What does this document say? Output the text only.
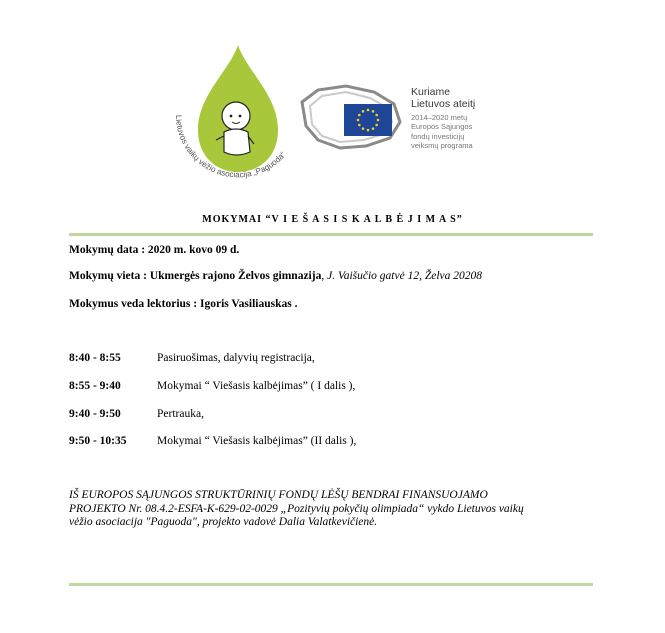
Lietuvos vaikų vėžio asociacija „Paguoda“
Kuriame
Lietuvos ateitį
2014–2020 metų
Europos Sąjungos
fondų investicijų
veiksmų programa
MOKYMAI “V I E Š A S I S K A L B Ė J I M A S”
Mokymų data : 2020 m. kovo 09 d.
Mokymų vieta : Ukmergės rajono Želvos gimnazija, J. Vaišučio gatvė 12, Želva 20208
Mokymus veda lektorius : Igoris Vasiliauskas .
8:40 - 8:55	Pasiruošimas, dalyvių registracija,
8:55 - 9:40	Mokymai “ Viešasis kalbėjimas” ( I dalis ),
9:40 - 9:50	Pertrauka,
9:50 - 10:35	Mokymai “ Viešasis kalbėjimas” (II dalis ),
IŠ EUROPOS SĄJUNGOS STRUKTŪRINIŲ FONDŲ LĖŠŲ BENDRAI FINANSUOJAMO
PROJEKTO Nr. 08.4.2-ESFA-K-629-02-0029 „Pozityvių pokyčių olimpiada“ vykdo Lietuvos vaikų
vėžio asociacija "Paguoda", projekto vadovė Dalia Valatkevičienė.
